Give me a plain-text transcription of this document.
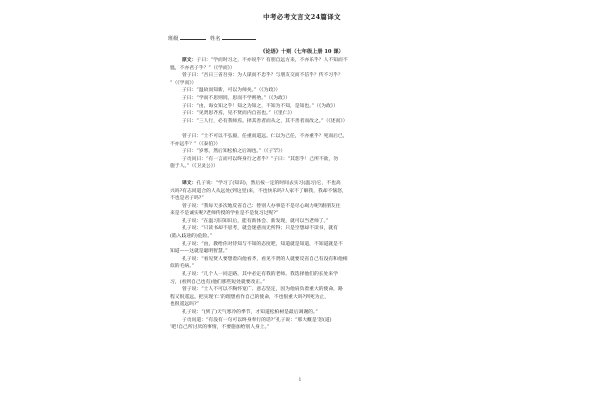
中考必考文言文24篇译文
班级	姓名
《论语》十则（七年级上册 10 课）
原文：子曰：“学而时习之，不亦说乎？有朋自远方来，不亦乐乎？人不知而不
愠，不亦君子乎？”（《学而》）
曾子曰：“吾日三省吾身：为人谋而不忠乎？与朋友交而不信乎？传不习乎？
”（《学而》）
子曰：“温故而知新，可以为师矣。”（《为政》）
子曰：“学而不思则罔，思而不学则殆。”（《为政》）
子曰：“由，诲女知之乎！知之为知之，不知为不知，是知也。”（《为政》）
子曰：“见贤思齐焉，见不贤而内自省也。”（《里仁》）
子曰：“三人行，必有我师焉。择其善者而从之，其不善者而改之。”（《述而》）
曾子曰：“士不可以不弘毅，任重而道远。仁以为己任，不亦重乎？死而后已，
不亦远乎？”（《泰伯》）
子曰：“岁寒，然后知松柏之后凋也。”（《子罕》）
子贡问曰：“有一言而可以终身行之者乎？”子曰：“其恕乎！己所不欲，勿
施于人。”（《卫灵公》）
译文：孔子说：“学习了(知识)，然后按一定的时间去实习(温习)它，不也高
兴吗?有志同道合的人从远处(到这里)来，不也快乐吗?人家不了解我，我却不恼怒，
不也是君子吗?”
曾子说：“我每天多次地反省自己：替别人办事是不是尽心竭力呢?跟朋友往
来是不是诚实呢?老师传授的学业是不是复习过呢?”
孔子说：“在温习旧知识后，能有新体会、新发现，就可以当老师了。”
孔子说：“只读书却不思考，就会迷惑而无所得；只是空想却不读书，就有
(陷入歧途的)危险。”
孔子说：“由，教给你对待知与不知的态度吧，知道就是知道，不知道就是不
知道——这就是聪明智慧。”
孔子说：“看见贤人要想着向他看齐，看见不贤的人就要反省自己有没有和他相
似的毛病。”
孔子说：“几个人一同走路，其中必定有我的老师。我选择他们的长处来学
习，(看到自己也有)他们那些短处就要改正。”
曾子说：“士人不可以不胸怀宽广、意志坚定，因为他肩负着重大的使命，路
程又很遥远。把实现‘仁’的理想看作自己的使命，不也很重大吗?到死为止，
也很遥远吗?”
孔子说：“(到了)天气寒冷的季节，才知道松柏树是最后凋谢的。”
子贡问道：“有没有一句可以终身奉行的话?”孔子说：“那大概是‘恕(道)
’吧!自己所讨厌的事情，不要施加给别人身上。”
1
